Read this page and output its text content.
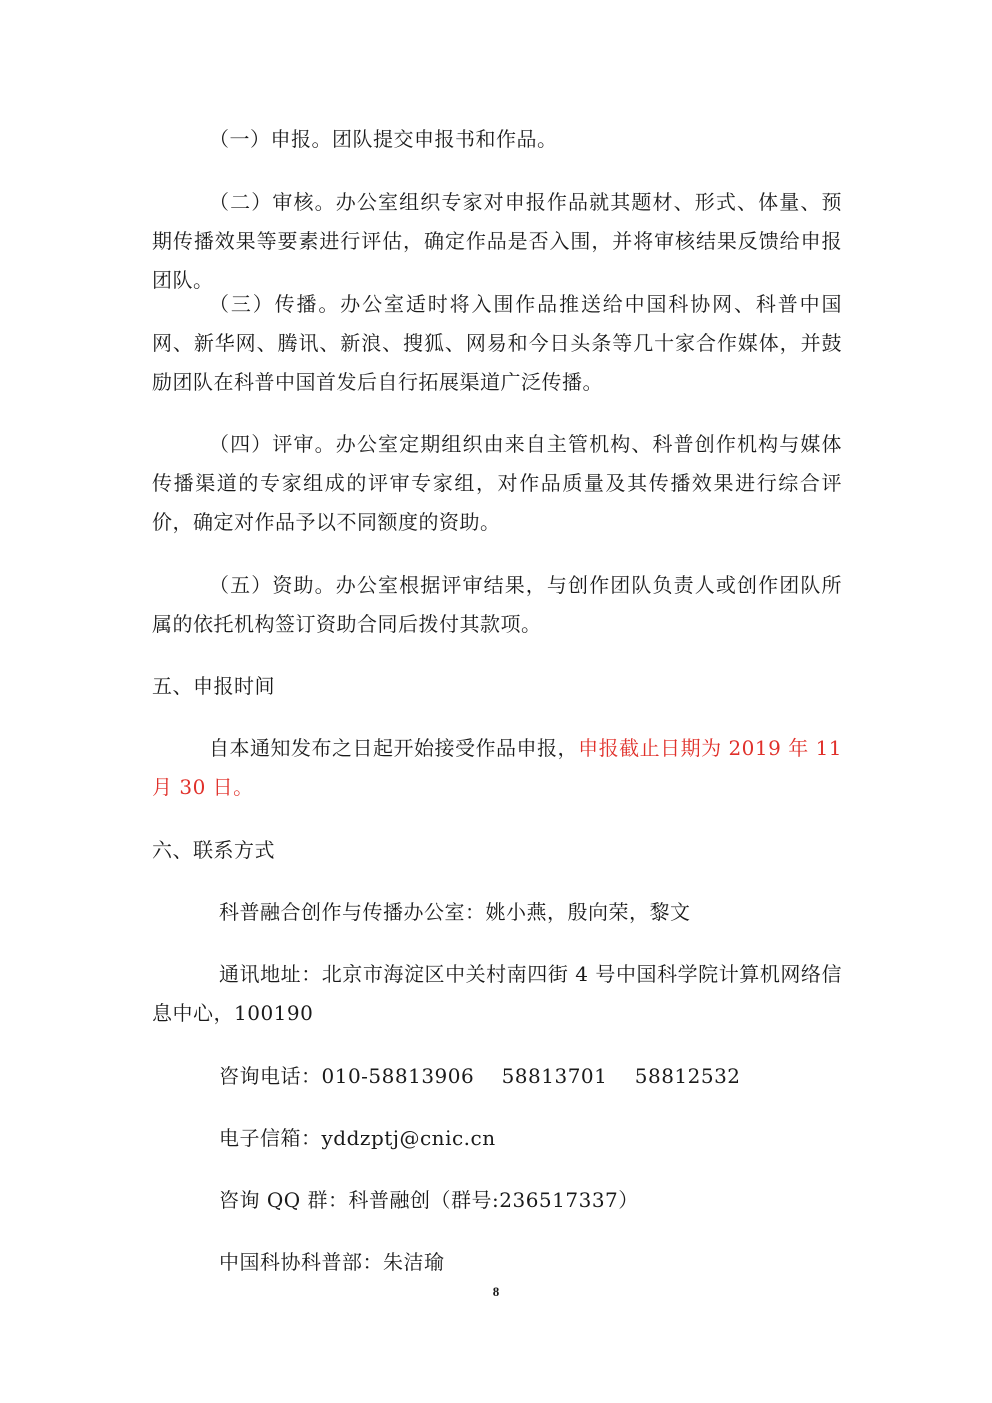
（一）申报。团队提交申报书和作品。

（二）审核。办公室组织专家对申报作品就其题材、形式、体量、预期传播效果等要素进行评估，确定作品是否入围，并将审核结果反馈给申报团队。

（三）传播。办公室适时将入围作品推送给中国科协网、科普中国网、新华网、腾讯、新浪、搜狐、网易和今日头条等几十家合作媒体，并鼓励团队在科普中国首发后自行拓展渠道广泛传播。

（四）评审。办公室定期组织由来自主管机构、科普创作机构与媒体传播渠道的专家组成的评审专家组，对作品质量及其传播效果进行综合评价，确定对作品予以不同额度的资助。

（五）资助。办公室根据评审结果，与创作团队负责人或创作团队所属的依托机构签订资助合同后拨付其款项。

五、申报时间

自本通知发布之日起开始接受作品申报，申报截止日期为 2019 年 11 月 30 日。

六、联系方式

科普融合创作与传播办公室：姚小燕，殷向荣，黎文

通讯地址：北京市海淀区中关村南四街 4 号中国科学院计算机网络信息中心，100190

咨询电话：010-58813906　 58813701　 58812532

电子信箱：yddzptj@cnic.cn

咨询 QQ 群：科普融创（群号:236517337）

中国科协科普部：朱洁瑜

8
